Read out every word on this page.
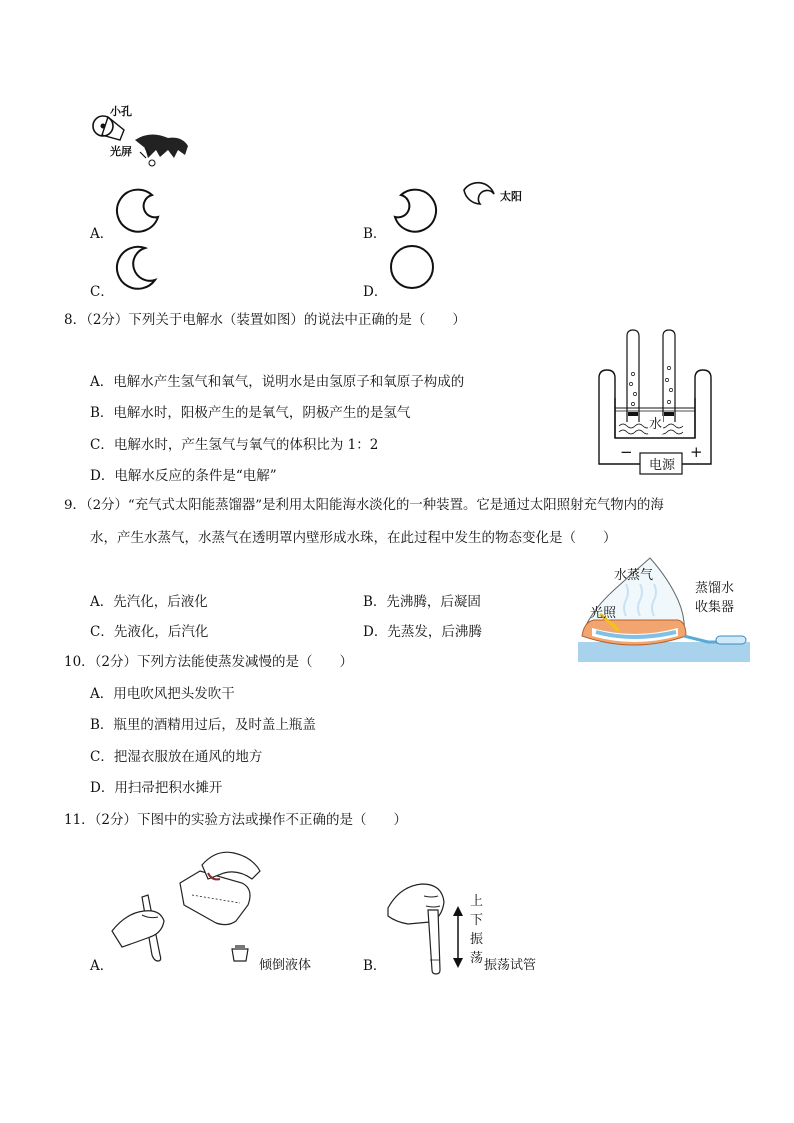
小孔
光屏
A．	B．
太阳
C．	D．
8．（2分）下列关于电解水（装置如图）的说法中正确的是（　　）
A．电解水产生氢气和氧气，说明水是由氢原子和氧原子构成的
B．电解水时，阳极产生的是氧气，阴极产生的是氢气
C．电解水时，产生氢气与氧气的体积比为 1：2
D．电解水反应的条件是“电解”
水
电源
−	+
9．（2分）“充气式太阳能蒸馏器”是利用太阳能海水淡化的一种装置。它是通过太阳照射充气物内的海
水，产生水蒸气，水蒸气在透明罩内壁形成水珠，在此过程中发生的物态变化是（　　）
A．先汽化，后液化	B．先沸腾，后凝固
C．先液化，后汽化	D．先蒸发，后沸腾
水蒸气
光照
蒸馏水
收集器
10．（2分）下列方法能使蒸发减慢的是（　　）
A．用电吹风把头发吹干
B．瓶里的酒精用过后，及时盖上瓶盖
C．把湿衣服放在通风的地方
D．用扫帚把积水摊开
11．（2分）下图中的实验方法或操作不正确的是（　　）
A．	倾倒液体	B．
上
下
振
荡 振荡试管
